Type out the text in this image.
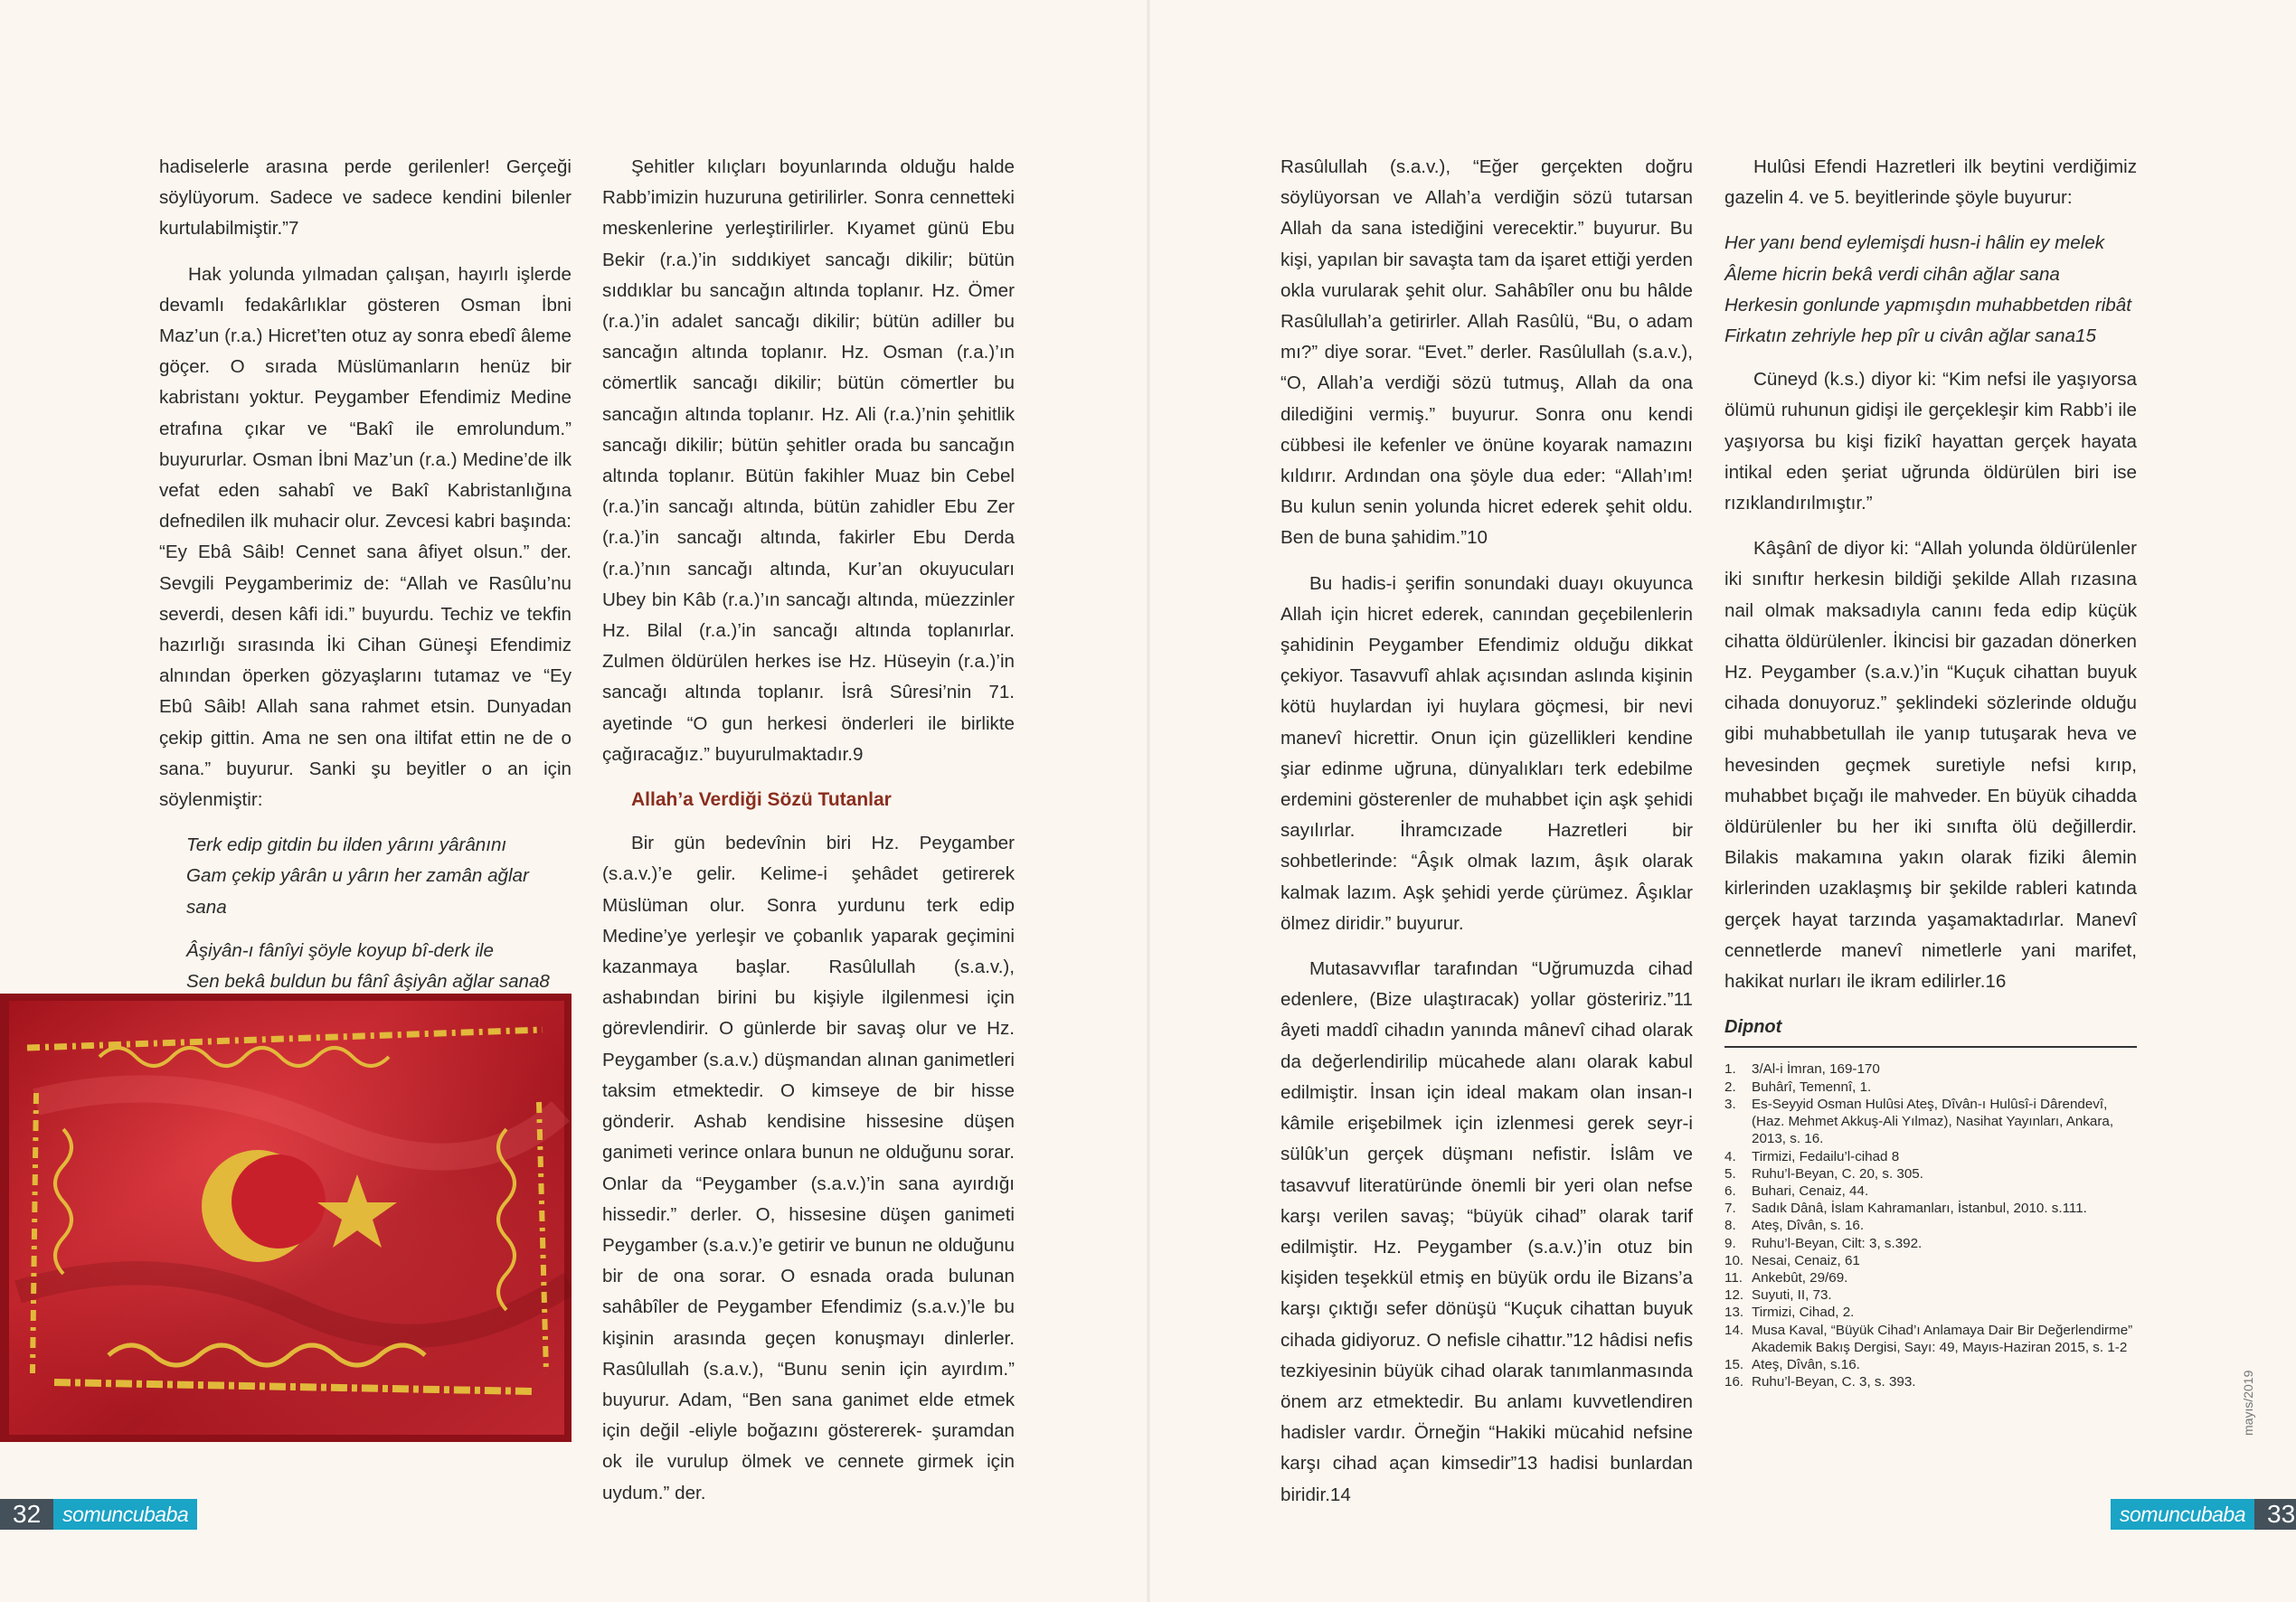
hadiselerle arasına perde gerilenler! Gerçeği söylüyorum. Sadece ve sadece kendini bilenler kurtulabilmiştir.”7

Hak yolunda yılmadan çalışan, hayırlı işlerde devamlı fedakârlıklar gösteren Osman İbni Maz’un (r.a.) Hicret’ten otuz ay sonra ebedî âleme göçer. O sırada Müslümanların henüz bir kabristanı yoktur. Peygamber Efendimiz Medine etrafına çıkar ve “Bakî ile emrolundum.” buyururlar. Osman İbni Maz’un (r.a.) Medine’de ilk vefat eden sahabî ve Bakî Kabristanlığına defnedilen ilk muhacir olur. Zevcesi kabri başında: “Ey Ebâ Sâib! Cennet sana âfiyet olsun.” der. Sevgili Peygamberimiz de: “Allah ve Rasûlu’nu severdi, desen kâfi idi.” buyurdu. Techiz ve tekfin hazırlığı sırasında İki Cihan Güneşi Efendimiz alnından öperken gözyaşlarını tutamaz ve “Ey Ebû Sâib! Allah sana rahmet etsin. Dunyadan çekip gittin. Ama ne sen ona iltifat ettin ne de o sana.” buyurur. Sanki şu beyitler o an için söylenmiştir:

Terk edip gitdin bu ilden yârını yârânını
Gam çekip yârân u yârın her zamân ağlar sana

Âşiyân-ı fânîyi şöyle koyup bî-derk ile
Sen bekâ buldun bu fânî âşiyân ağlar sana8

Şehitler kılıçları boyunlarında olduğu halde Rabb’imizin huzuruna getirilirler. Sonra cennetteki meskenlerine yerleştirilirler. Kıyamet günü Ebu Bekir (r.a.)’in sıddıkiyet sancağı dikilir; bütün sıddıklar bu sancağın altında toplanır. Hz. Ömer (r.a.)’in adalet sancağı dikilir; bütün adiller bu sancağın altında toplanır. Hz. Osman (r.a.)’ın cömertlik sancağı dikilir; bütün cömertler bu sancağın altında toplanır. Hz. Ali (r.a.)’nin şehitlik sancağı dikilir; bütün şehitler orada bu sancağın altında toplanır. Bütün fakihler Muaz bin Cebel (r.a.)’in sancağı altında, bütün zahidler Ebu Zer (r.a.)’in sancağı altında, fakirler Ebu Derda (r.a.)’nın sancağı altında, Kur’an okuyucuları Ubey bin Kâb (r.a.)’ın sancağı altında, müezzinler Hz. Bilal (r.a.)’in sancağı altında toplanırlar. Zulmen öldürülen herkes ise Hz. Hüseyin (r.a.)’in sancağı altında toplanır. İsrâ Sûresi’nin 71. ayetinde “O gun herkesi önderleri ile birlikte çağıracağız.” buyurulmaktadır.9

Allah’a Verdiği Sözü Tutanlar

Bir gün bedevînin biri Hz. Peygamber (s.a.v.)’e gelir. Kelime-i şehâdet getirerek Müslüman olur. Sonra yurdunu terk edip Medine’ye yerleşir ve çobanlık yaparak geçimini kazanmaya başlar. Rasûlullah (s.a.v.), ashabından birini bu kişiyle ilgilenmesi için görevlendirir. O günlerde bir savaş olur ve Hz. Peygamber (s.a.v.) düşmandan alınan ganimetleri taksim etmektedir. O kimseye de bir hisse gönderir. Ashab kendisine hissesine düşen ganimeti verince onlara bunun ne olduğunu sorar. Onlar da “Peygamber (s.a.v.)’in sana ayırdığı hissedir.” derler. O, hissesine düşen ganimeti Peygamber (s.a.v.)’e getirir ve bunun ne olduğunu bir de ona sorar. O esnada orada bulunan sahâbîler de Peygamber Efendimiz (s.a.v.)’le bu kişinin arasında geçen konuşmayı dinlerler. Rasûlullah (s.a.v.), “Bunu senin için ayırdım.” buyurur. Adam, “Ben sana ganimet elde etmek için değil -eliyle boğazını göstererek- şuramdan ok ile vurulup ölmek ve cennete girmek için uydum.” der.

Rasûlullah (s.a.v.), “Eğer gerçekten doğru söylüyorsan ve Allah’a verdiğin sözü tutarsan Allah da sana istediğini verecektir.” buyurur. Bu kişi, yapılan bir savaşta tam da işaret ettiği yerden okla vurularak şehit olur. Sahâbîler onu bu hâlde Rasûlullah’a getirirler. Allah Rasûlü, “Bu, o adam mı?” diye sorar. “Evet.” derler. Rasûlullah (s.a.v.), “O, Allah’a verdiği sözü tutmuş, Allah da ona dilediğini vermiş.” buyurur. Sonra onu kendi cübbesi ile kefenler ve önüne koyarak namazını kıldırır. Ardından ona şöyle dua eder: “Allah’ım! Bu kulun senin yolunda hicret ederek şehit oldu. Ben de buna şahidim.”10

Bu hadis-i şerifin sonundaki duayı okuyunca Allah için hicret ederek, canından geçebilenlerin şahidinin Peygamber Efendimiz olduğu dikkat çekiyor. Tasavvufî ahlak açısından aslında kişinin kötü huylardan iyi huylara göçmesi, bir nevi manevî hicrettir. Onun için güzellikleri kendine şiar edinme uğruna, dünyalıkları terk edebilme erdemini gösterenler de muhabbet için aşk şehidi sayılırlar. İhramcızade Hazretleri bir sohbetlerinde: “Âşık olmak lazım, âşık olarak kalmak lazım. Aşk şehidi yerde çürümez. Âşıklar ölmez diridir.” buyurur.

Mutasavvıflar tarafından “Uğrumuzda cihad edenlere, (Bize ulaştıracak) yollar gösteririz.”11 âyeti maddî cihadın yanında mânevî cihad olarak da değerlendirilip mücahede alanı olarak kabul edilmiştir. İnsan için ideal makam olan insan-ı kâmile erişebilmek için izlenmesi gerek seyr-i sülûk’un gerçek düşmanı nefistir. İslâm ve tasavvuf literatüründe önemli bir yeri olan nefse karşı verilen savaş; “büyük cihad” olarak tarif edilmiştir. Hz. Peygamber (s.a.v.)’in otuz bin kişiden teşekkül etmiş en büyük ordu ile Bizans’a karşı çıktığı sefer dönüşü “Kuçuk cihattan buyuk cihada gidiyoruz. O nefisle cihattır.”12 hâdisi nefis tezkiyesinin büyük cihad olarak tanımlanmasında önem arz etmektedir. Bu anlamı kuvvetlendiren hadisler vardır. Örneğin “Hakiki mücahid nefsine karşı cihad açan kimsedir”13 hadisi bunlardan biridir.14

Hulûsi Efendi Hazretleri ilk beytini verdiğimiz gazelin 4. ve 5. beyitlerinde şöyle buyurur:

Her yanı bend eylemişdi husn-i hâlin ey melek
Âleme hicrin bekâ verdi cihân ağlar sana
Herkesin gonlunde yapmışdın muhabbetden ribât
Firkatın zehriyle hep pîr u civân ağlar sana15

Cüneyd (k.s.) diyor ki: “Kim nefsi ile yaşıyorsa ölümü ruhunun gidişi ile gerçekleşir kim Rabb’i ile yaşıyorsa bu kişi fizikî hayattan gerçek hayata intikal eden şeriat uğrunda öldürülen biri ise rızıklandırılmıştır.”

Kâşânî de diyor ki: “Allah yolunda öldürülenler iki sınıftır herkesin bildiği şekilde Allah rızasına nail olmak maksadıyla canını feda edip küçük cihatta öldürülenler. İkincisi bir gazadan dönerken Hz. Peygamber (s.a.v.)’in “Kuçuk cihattan buyuk cihada donuyoruz.” şeklindeki sözlerinde olduğu gibi muhabbetullah ile yanıp tutuşarak heva ve hevesinden geçmek suretiyle nefsi kırıp, muhabbet bıçağı ile mahveder. En büyük cihadda öldürülenler bu her iki sınıfta ölü değillerdir. Bilakis makamına yakın olarak fiziki âlemin kirlerinden uzaklaşmış bir şekilde rableri katında gerçek hayat tarzında yaşamaktadırlar. Manevî cennetlerde manevî nimetlerle yani marifet, hakikat nurları ile ikram edilirler.16

Dipnot
1.	3/Al-i İmran, 169-170
2.	Buhârî, Temennî, 1.
3.	Es-Seyyid Osman Hulûsi Ateş, Dîvân-ı Hulûsî-i Dârendevî, (Haz. Mehmet Akkuş-Ali Yılmaz), Nasihat Yayınları, Ankara, 2013, s. 16.
4.	Tirmizi, Fedailu’l-cihad 8
5.	Ruhu’l-Beyan, C. 20, s. 305.
6.	Buhari, Cenaiz, 44.
7.	Sadık Dânâ, İslam Kahramanları, İstanbul, 2010. s.111.
8.	Ateş, Dîvân, s. 16.
9.	Ruhu’l-Beyan, Cilt: 3, s.392.
10. Nesai, Cenaiz, 61
11. Ankebût, 29/69.
12. Suyuti, II, 73.
13. Tirmizi, Cihad, 2.
14. Musa Kaval, “Büyük Cihad’ı Anlamaya Dair Bir Değerlendirme” Akademik Bakış Dergisi, Sayı: 49, Mayıs-Haziran 2015, s. 1-2
15. Ateş, Dîvân, s.16.
16. Ruhu’l-Beyan, C. 3, s. 393.
32	somuncubaba	somuncubaba 33
mayıs/2019
